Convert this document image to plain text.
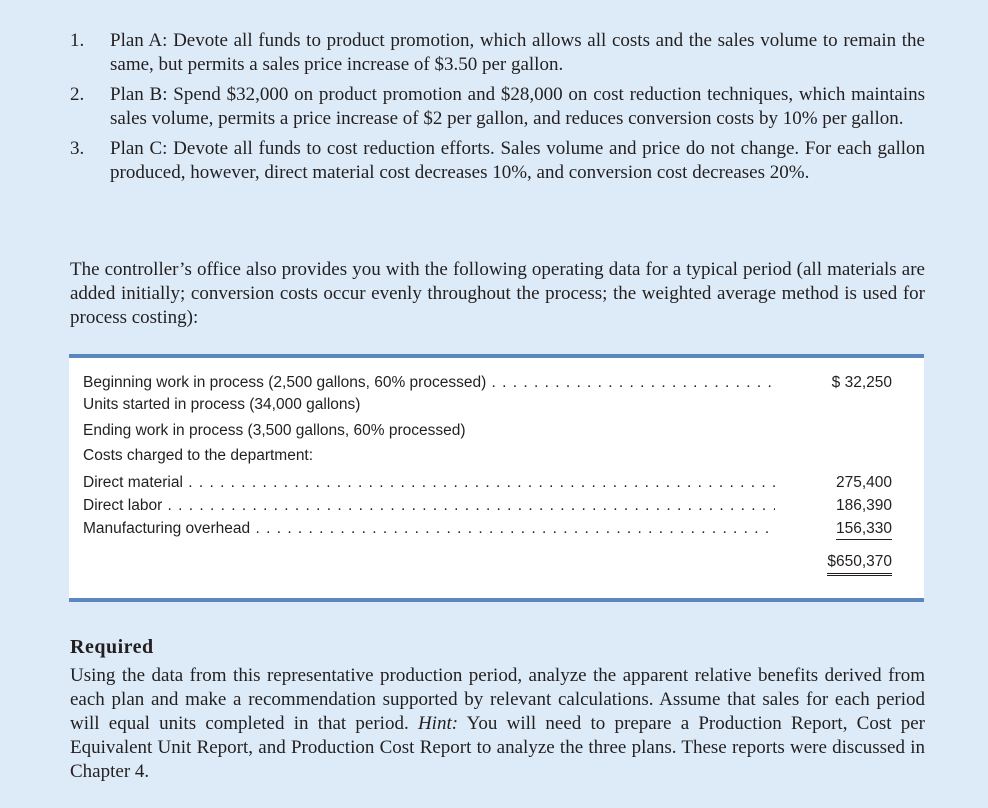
1.	Plan A: Devote all funds to product promotion, which allows all costs and the sales volume to remain the same, but permits a sales price increase of $3.50 per gallon.
2.	Plan B: Spend $32,000 on product promotion and $28,000 on cost reduction techniques, which maintains sales volume, permits a price increase of $2 per gallon, and reduces conversion costs by 10% per gallon.
3.	Plan C: Devote all funds to cost reduction efforts. Sales volume and price do not change. For each gallon produced, however, direct material cost decreases 10%, and conversion cost decreases 20%.

The controller’s office also provides you with the following operating data for a typical period (all materials are added initially; conversion costs occur evenly throughout the process; the weighted average method is used for process costing):

Beginning work in process (2,500 gallons, 60% processed) . . .	$ 32,250
Units started in process (34,000 gallons)
Ending work in process (3,500 gallons, 60% processed)
Costs charged to the department:
Direct material . . .	275,400
Direct labor . . .	186,390
Manufacturing overhead . . .	156,330
$650,370
Required

Using the data from this representative production period, analyze the apparent relative benefits derived from each plan and make a recommendation supported by relevant calculations. Assume that sales for each period will equal units completed in that period. Hint: You will need to prepare a Production Report, Cost per Equivalent Unit Report, and Production Cost Report to analyze the three plans. These reports were discussed in Chapter 4.
